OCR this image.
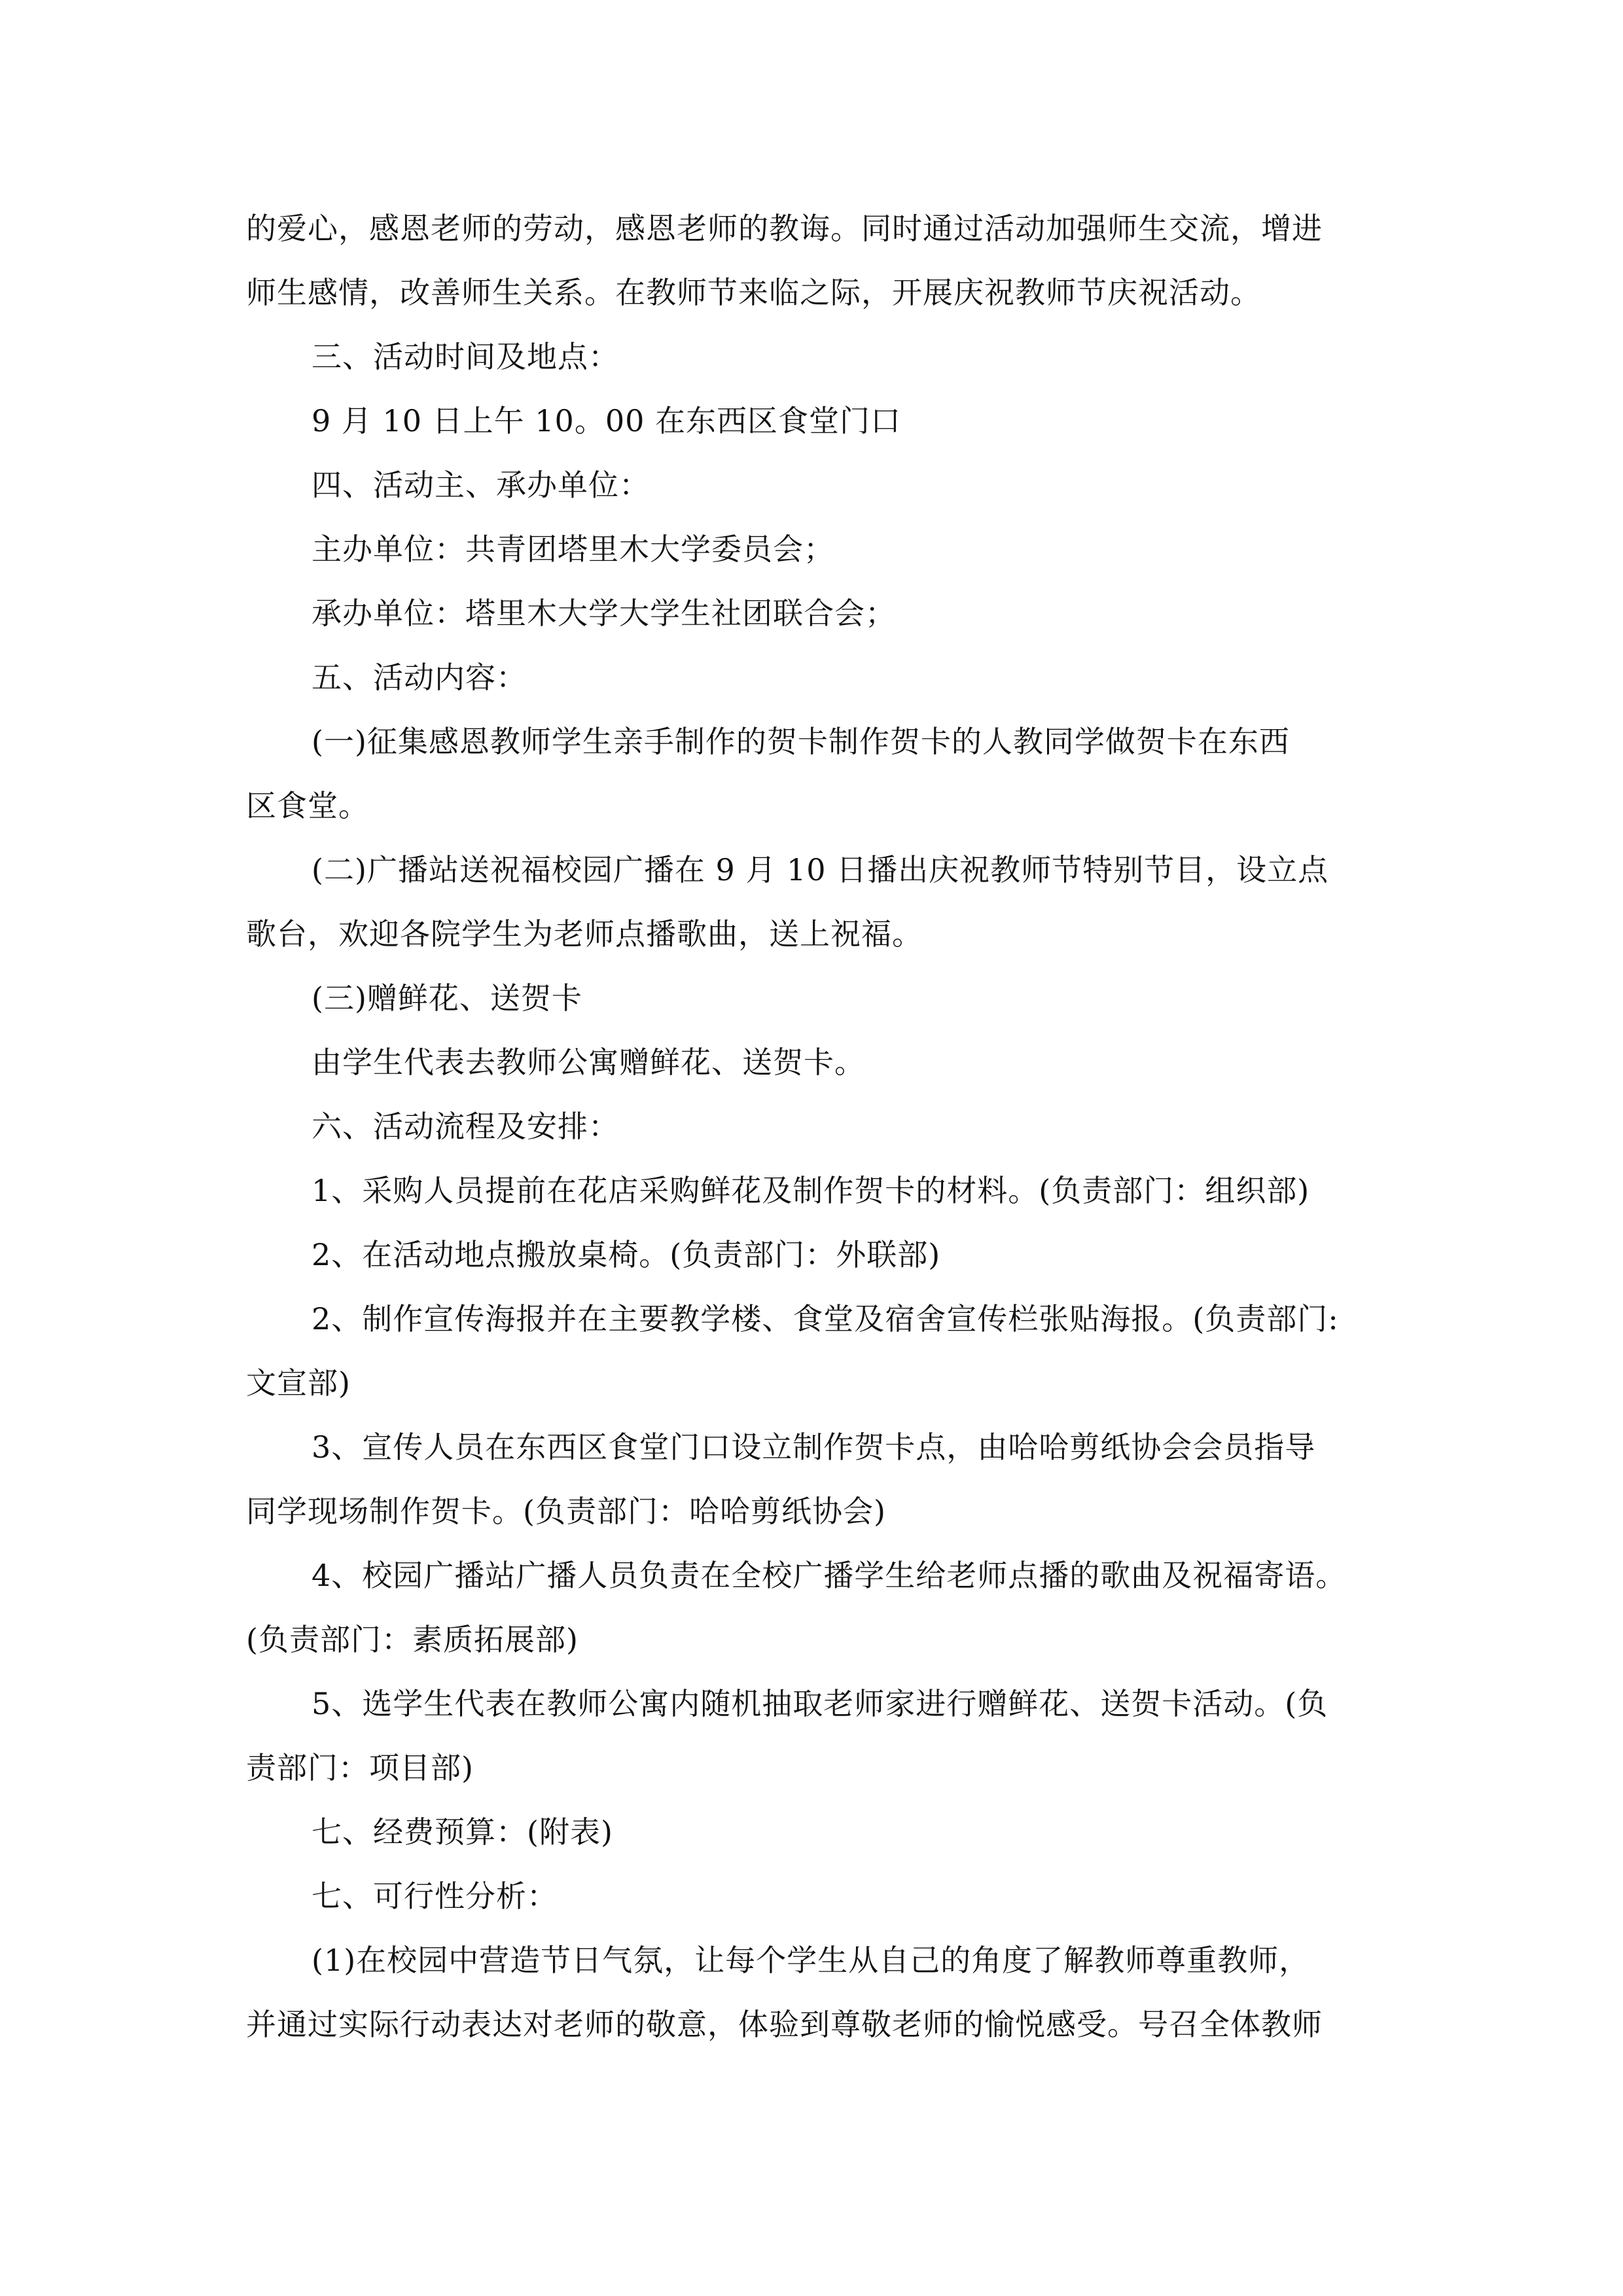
的爱心，感恩老师的劳动，感恩老师的教诲。同时通过活动加强师生交流，增进
师生感情，改善师生关系。在教师节来临之际，开展庆祝教师节庆祝活动。
三、活动时间及地点：
9 月 10 日上午 10。00 在东西区食堂门口
四、活动主、承办单位：
主办单位：共青团塔里木大学委员会；
承办单位：塔里木大学大学生社团联合会；
五、活动内容：
(一)征集感恩教师学生亲手制作的贺卡制作贺卡的人教同学做贺卡在东西
区食堂。
(二)广播站送祝福校园广播在 9 月 10 日播出庆祝教师节特别节目，设立点
歌台，欢迎各院学生为老师点播歌曲，送上祝福。
(三)赠鲜花、送贺卡
由学生代表去教师公寓赠鲜花、送贺卡。
六、活动流程及安排：
1、采购人员提前在花店采购鲜花及制作贺卡的材料。(负责部门：组织部)
2、在活动地点搬放桌椅。(负责部门：外联部)
2、制作宣传海报并在主要教学楼、食堂及宿舍宣传栏张贴海报。(负责部门:
文宣部)
3、宣传人员在东西区食堂门口设立制作贺卡点，由哈哈剪纸协会会员指导
同学现场制作贺卡。(负责部门：哈哈剪纸协会)
4、校园广播站广播人员负责在全校广播学生给老师点播的歌曲及祝福寄语。
(负责部门：素质拓展部)
5、选学生代表在教师公寓内随机抽取老师家进行赠鲜花、送贺卡活动。(负
责部门：项目部)
七、经费预算：(附表)
七、可行性分析：
(1)在校园中营造节日气氛，让每个学生从自己的角度了解教师尊重教师，
并通过实际行动表达对老师的敬意，体验到尊敬老师的愉悦感受。号召全体教师
